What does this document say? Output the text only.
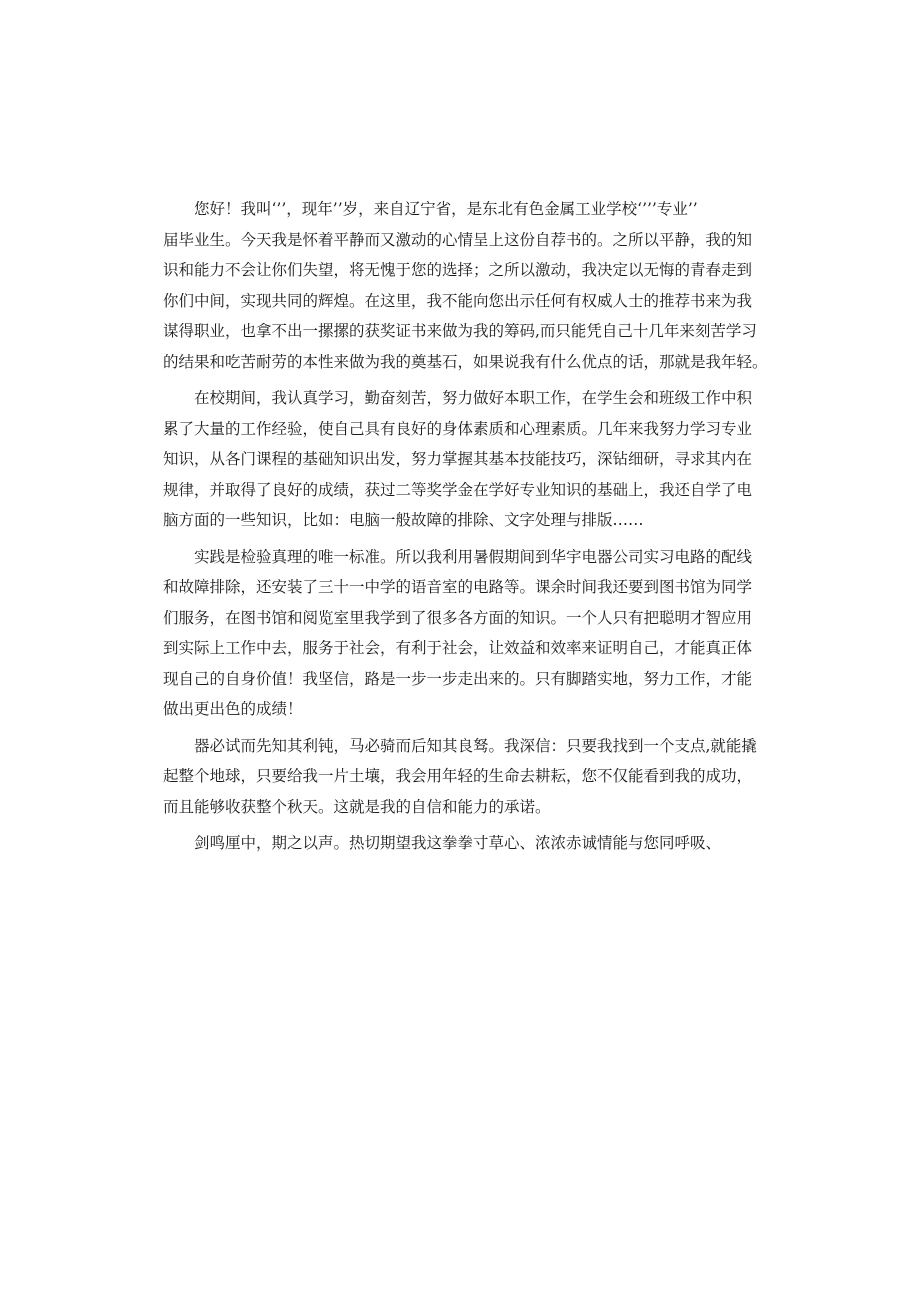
您好！我叫‘’’，现年’’岁，来自辽宁省，是东北有色金属工业学校‘’’’专业’’
届毕业生。今天我是怀着平静而又激动的心情呈上这份自荐书的。之所以平静，我的知
识和能力不会让你们失望，将无愧于您的选择；之所以激动，我决定以无悔的青春走到
你们中间，实现共同的辉煌。在这里，我不能向您出示任何有权威人士的推荐书来为我
谋得职业，也拿不出一摞摞的获奖证书来做为我的筹码,而只能凭自己十几年来刻苦学习
的结果和吃苦耐劳的本性来做为我的奠基石，如果说我有什么优点的话，那就是我年轻。
在校期间，我认真学习，勤奋刻苦，努力做好本职工作，在学生会和班级工作中积
累了大量的工作经验，使自己具有良好的身体素质和心理素质。几年来我努力学习专业
知识，从各门课程的基础知识出发，努力掌握其基本技能技巧，深钻细研，寻求其内在
规律，并取得了良好的成绩，获过二等奖学金在学好专业知识的基础上，我还自学了电
脑方面的一些知识，比如：电脑一般故障的排除、文字处理与排版……
实践是检验真理的唯一标准。所以我利用暑假期间到华宇电器公司实习电路的配线
和故障排除，还安装了三十一中学的语音室的电路等。课余时间我还要到图书馆为同学
们服务，在图书馆和阅览室里我学到了很多各方面的知识。一个人只有把聪明才智应用
到实际上工作中去，服务于社会，有利于社会，让效益和效率来证明自己，才能真正体
现自己的自身价值！我坚信，路是一步一步走出来的。只有脚踏实地，努力工作，才能
做出更出色的成绩！
器必试而先知其利钝，马必骑而后知其良驽。我深信：只要我找到一个支点,就能撬
起整个地球，只要给我一片土壤，我会用年轻的生命去耕耘，您不仅能看到我的成功，
而且能够收获整个秋天。这就是我的自信和能力的承诺。
剑鸣厘中，期之以声。热切期望我这拳拳寸草心、浓浓赤诚情能与您同呼吸、
